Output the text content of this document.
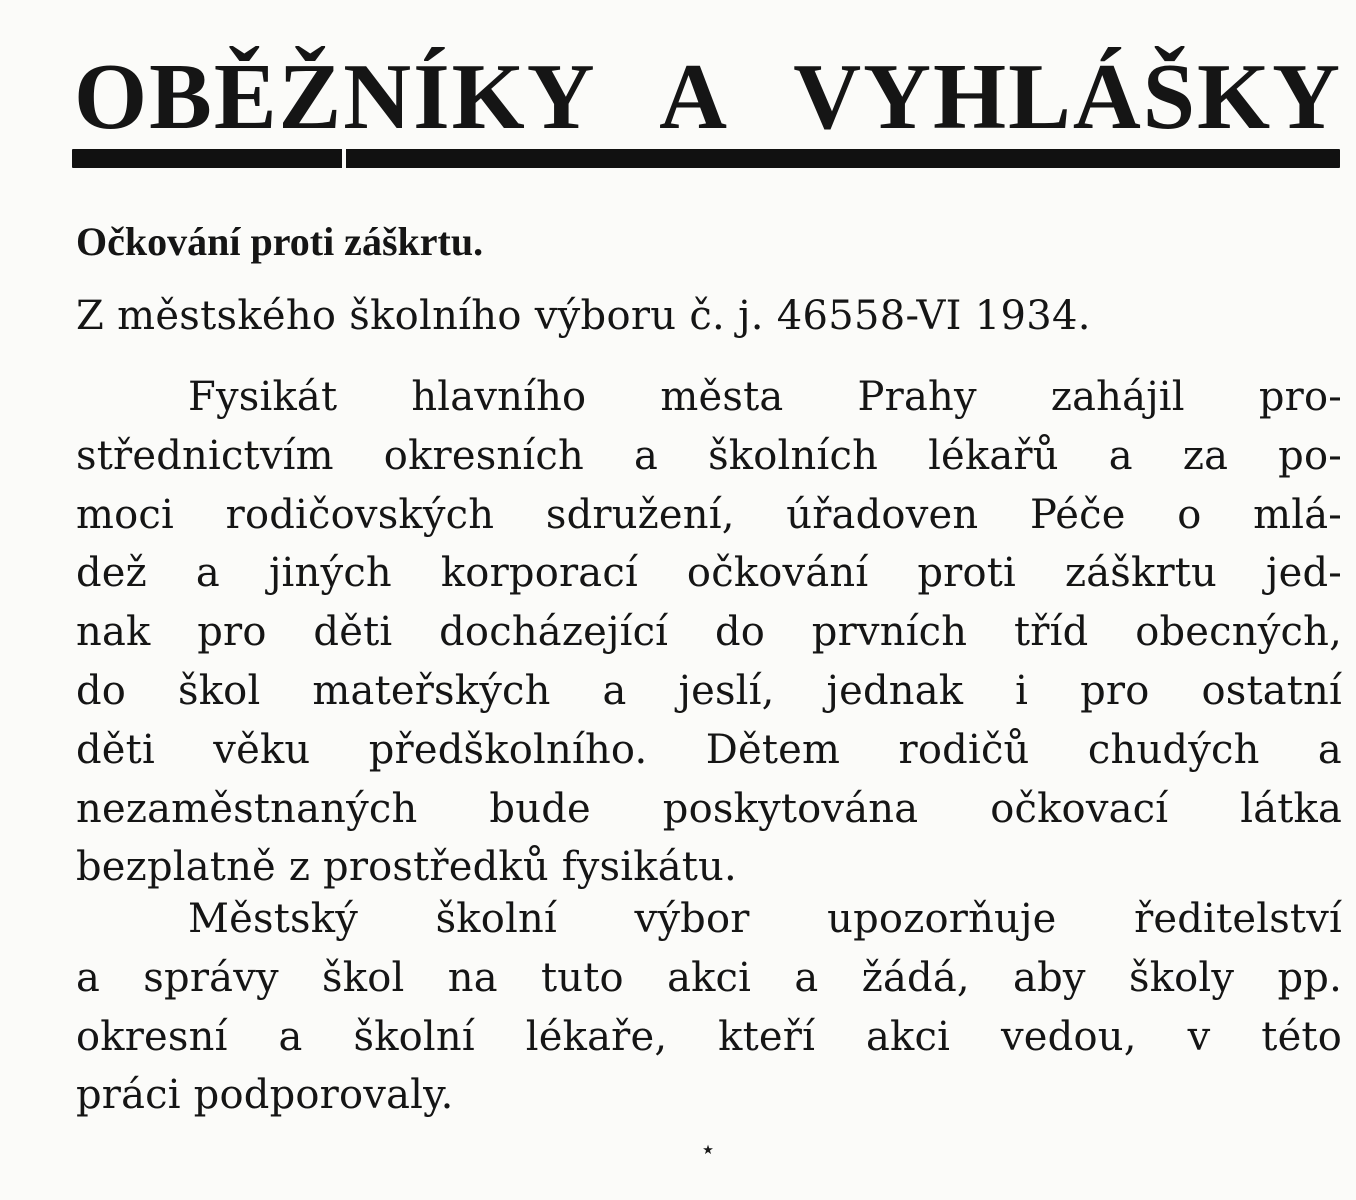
OBĚŽNÍKY A VYHLÁŠKY
Očkování proti záškrtu.

Z městského školního výboru č. j. 46558-VI 1934.

Fysikát hlavního města Prahy zahájil pro-
střednictvím okresních a školních lékařů a za po-
moci rodičovských sdružení, úřadoven Péče o mlá-
dež a jiných korporací očkování proti záškrtu jed-
nak pro děti docházející do prvních tříd obecných,
do škol mateřských a jeslí, jednak i pro ostatní
děti věku předškolního. Dětem rodičů chudých a
nezaměstnaných bude poskytována očkovací látka
bezplatně z prostředků fysikátu.
Městský školní výbor upozorňuje ředitelství
a správy škol na tuto akci a žádá, aby školy pp.
okresní a školní lékaře, kteří akci vedou, v této
práci podporovaly.
⋆
